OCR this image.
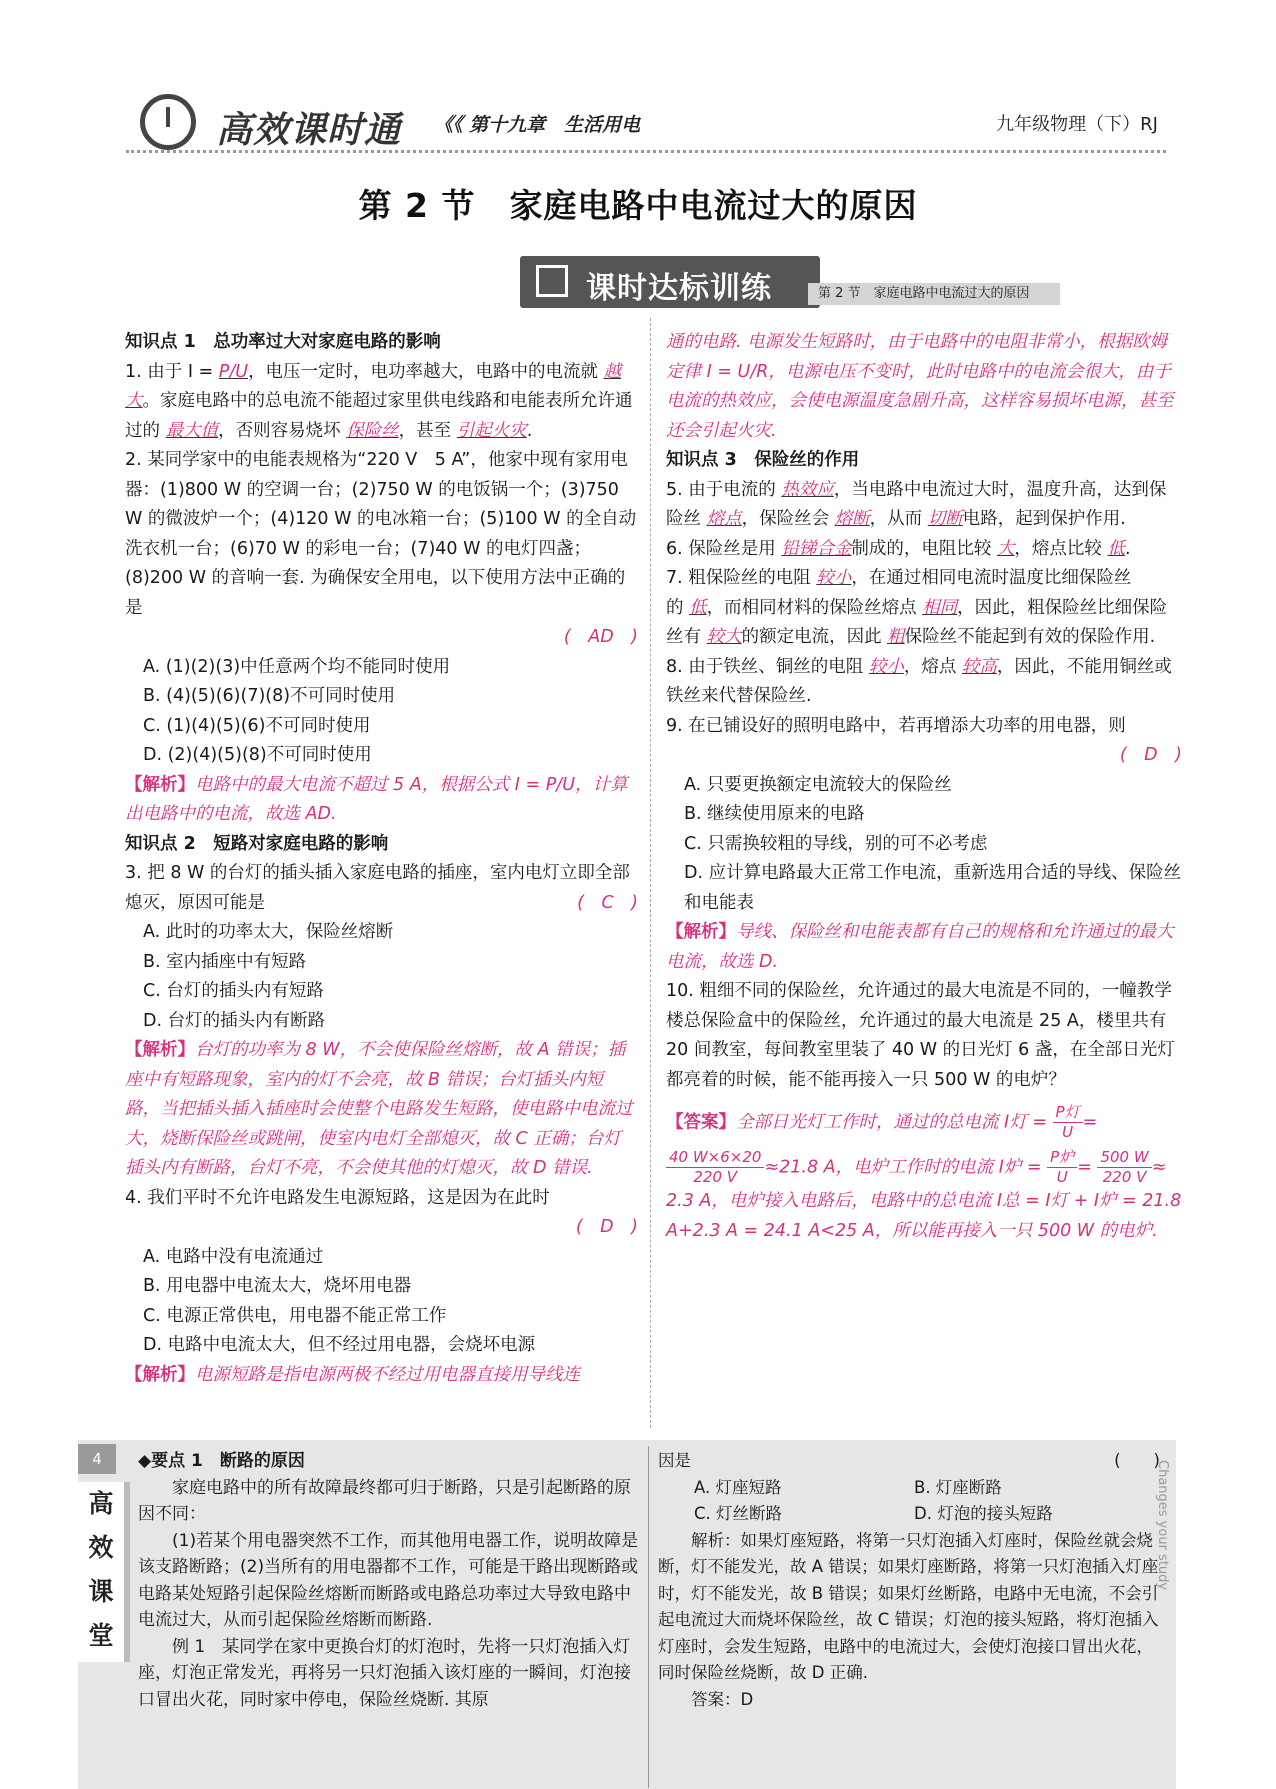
高效课时通 《《 第十九章　生活用电	九年级物理（下）RJ
第 2 节　家庭电路中电流过大的原因
课时达标训练	第 2 节　家庭电路中电流过大的原因

知识点 1　总功率过大对家庭电路的影响

1. 由于 I = P/U，电压一定时，电功率越大，电路中的电流就 越大。家庭电路中的总电流不能超过家里供电线路和电能表所允许通过的 最大值，否则容易烧坏 保险丝，甚至 引起火灾.

2. 某同学家中的电能表规格为“220 V　5 A”，他家中现有家用电器：(1)800 W 的空调一台；(2)750 W 的电饭锅一个；(3)750 W 的微波炉一个；(4)120 W 的电冰箱一台；(5)100 W 的全自动洗衣机一台；(6)70 W 的彩电一台；(7)40 W 的电灯四盏；(8)200 W 的音响一套. 为确保安全用电，以下使用方法中正确的是

(　AD　)

A. (1)(2)(3)中任意两个均不能同时使用

B. (4)(5)(6)(7)(8)不可同时使用

C. (1)(4)(5)(6)不可同时使用

D. (2)(4)(5)(8)不可同时使用

【解析】电路中的最大电流不超过 5 A，根据公式 I = P/U，计算出电路中的电流，故选 AD.

知识点 2　短路对家庭电路的影响

3. 把 8 W 的台灯的插头插入家庭电路的插座，室内电灯立即全部熄灭，原因可能是	(　C　)

A. 此时的功率太大，保险丝熔断

B. 室内插座中有短路

C. 台灯的插头内有短路

D. 台灯的插头内有断路

【解析】台灯的功率为 8 W，不会使保险丝熔断，故 A 错误；插座中有短路现象，室内的灯不会亮，故 B 错误；台灯插头内短路，当把插头插入插座时会使整个电路发生短路，使电路中电流过大，烧断保险丝或跳闸，使室内电灯全部熄灭，故 C 正确；台灯插头内有断路，台灯不亮，不会使其他的灯熄灭，故 D 错误.

4. 我们平时不允许电路发生电源短路，这是因为在此时

(　D　)

A. 电路中没有电流通过

B. 用电器中电流太大，烧坏用电器

C. 电源正常供电，用电器不能正常工作

D. 电路中电流太大，但不经过用电器，会烧坏电源

【解析】电源短路是指电源两极不经过用电器直接用导线连

通的电路. 电源发生短路时，由于电路中的电阻非常小，根据欧姆定律 I = U/R，电源电压不变时，此时电路中的电流会很大，由于电流的热效应，会使电源温度急剧升高，这样容易损坏电源，甚至还会引起火灾.

知识点 3　保险丝的作用

5. 由于电流的 热效应，当电路中电流过大时，温度升高，达到保险丝 熔点，保险丝会 熔断，从而 切断电路，起到保护作用.

6. 保险丝是用 铅锑合金制成的，电阻比较 大，熔点比较 低.

7. 粗保险丝的电阻 较小，在通过相同电流时温度比细保险丝的 低，而相同材料的保险丝熔点 相同，因此，粗保险丝比细保险丝有 较大的额定电流，因此 粗保险丝不能起到有效的保险作用.

8. 由于铁丝、铜丝的电阻 较小，熔点 较高，因此，不能用铜丝或铁丝来代替保险丝.

9. 在已铺设好的照明电路中，若再增添大功率的用电器，则

(　D　)

A. 只要更换额定电流较大的保险丝

B. 继续使用原来的电路

C. 只需换较粗的导线，别的可不必考虑

D. 应计算电路最大正常工作电流，重新选用合适的导线、保险丝和电能表

【解析】导线、保险丝和电能表都有自己的规格和允许通过的最大电流，故选 D.

10. 粗细不同的保险丝，允许通过的最大电流是不同的，一幢教学楼总保险盒中的保险丝，允许通过的最大电流是 25 A，楼里共有 20 间教室，每间教室里装了 40 W 的日光灯 6 盏，在全部日光灯都亮着的时候，能不能再接入一只 500 W 的电炉？

【答案】全部日光灯工作时，通过的总电流 I灯 =
P灯
U =

$\frac{40 W\times 6\times 20}{220 V} \approx 21.8$ A，电炉工作时的电流 I炉 =
P炉
$U = \frac{500 W}{220 V}$ ≈

2.3 A，电炉接入电路后，电路中的总电流 I总 = I灯 + I炉 = 21.8 A+2.3 A = 24.1 A<25 A，所以能再接入一只 500 W 的电炉.

4
高
效
课
堂
Changes your study

◆要点 1　断路的原因

家庭电路中的所有故障最终都可归于断路，只是引起断路的原因不同：

(1)若某个用电器突然不工作，而其他用电器工作，说明故障是该支路断路；(2)当所有的用电器都不工作，可能是干路出现断路或电路某处短路引起保险丝熔断而断路或电路总功率过大导致电路中电流过大，从而引起保险丝熔断而断路.

例 1　某同学在家中更换台灯的灯泡时，先将一只灯泡插入灯座，灯泡正常发光，再将另一只灯泡插入该灯座的一瞬间，灯泡接口冒出火花，同时家中停电，保险丝烧断. 其原

因是	(　　)

A. 灯座短路	B. 灯座断路

C. 灯丝断路	D. 灯泡的接头短路

解析：如果灯座短路，将第一只灯泡插入灯座时，保险丝就会烧断，灯不能发光，故 A 错误；如果灯座断路，将第一只灯泡插入灯座时，灯不能发光，故 B 错误；如果灯丝断路，电路中无电流，不会引起电流过大而烧坏保险丝，故 C 错误；灯泡的接头短路，将灯泡插入灯座时，会发生短路，电路中的电流过大，会使灯泡接口冒出火花，同时保险丝烧断，故 D 正确.

答案：D
